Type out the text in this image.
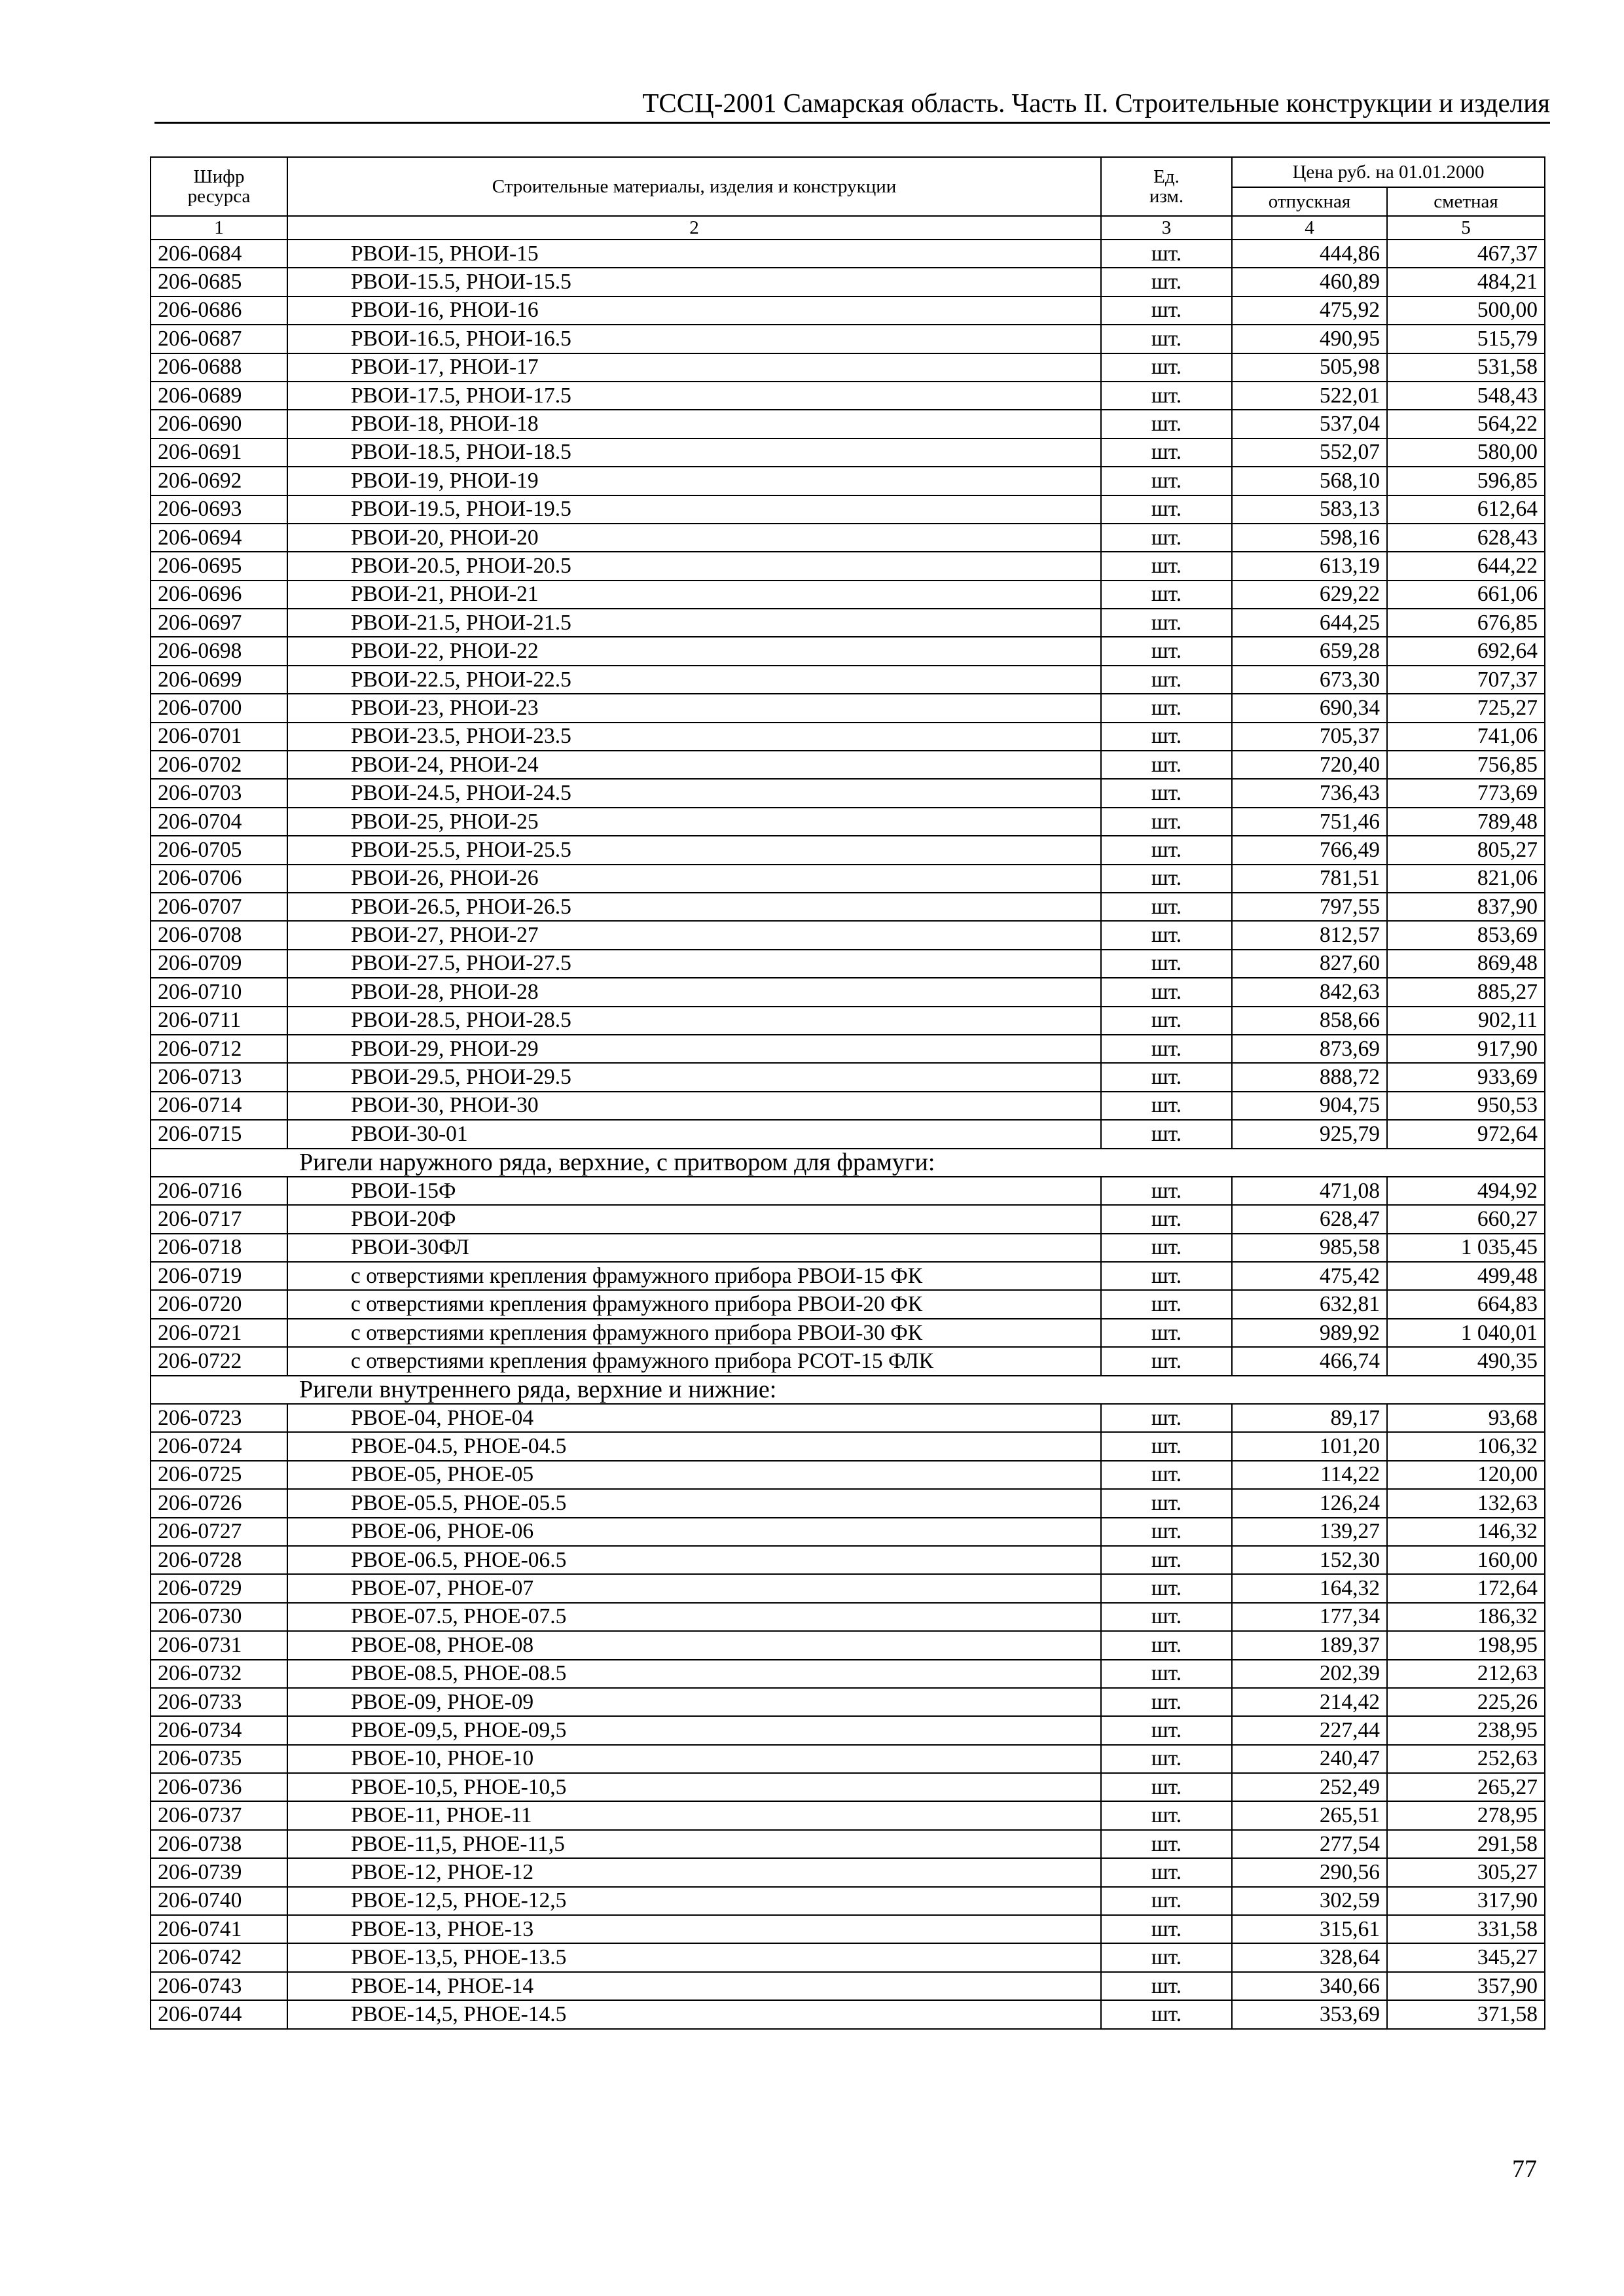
ТССЦ-2001 Самарская область. Часть II. Строительные конструкции и изделия
Шифр ресурса	Строительные материалы, изделия и конструкции	Ед. изм.	Цена руб. на 01.01.2000	
			отпускная	сметная
1	2	3	4	5
206-0684	РВОИ-15, РНОИ-15	шт.	444,86	467,37
206-0685	РВОИ-15.5, РНОИ-15.5	шт.	460,89	484,21
206-0686	РВОИ-16, РНОИ-16	шт.	475,92	500,00
206-0687	РВОИ-16.5, РНОИ-16.5	шт.	490,95	515,79
206-0688	РВОИ-17, РНОИ-17	шт.	505,98	531,58
206-0689	РВОИ-17.5, РНОИ-17.5	шт.	522,01	548,43
206-0690	РВОИ-18, РНОИ-18	шт.	537,04	564,22
206-0691	РВОИ-18.5, РНОИ-18.5	шт.	552,07	580,00
206-0692	РВОИ-19, РНОИ-19	шт.	568,10	596,85
206-0693	РВОИ-19.5, РНОИ-19.5	шт.	583,13	612,64
206-0694	РВОИ-20, РНОИ-20	шт.	598,16	628,43
206-0695	РВОИ-20.5, РНОИ-20.5	шт.	613,19	644,22
206-0696	РВОИ-21, РНОИ-21	шт.	629,22	661,06
206-0697	РВОИ-21.5, РНОИ-21.5	шт.	644,25	676,85
206-0698	РВОИ-22, РНОИ-22	шт.	659,28	692,64
206-0699	РВОИ-22.5, РНОИ-22.5	шт.	673,30	707,37
206-0700	РВОИ-23, РНОИ-23	шт.	690,34	725,27
206-0701	РВОИ-23.5, РНОИ-23.5	шт.	705,37	741,06
206-0702	РВОИ-24, РНОИ-24	шт.	720,40	756,85
206-0703	РВОИ-24.5, РНОИ-24.5	шт.	736,43	773,69
206-0704	РВОИ-25, РНОИ-25	шт.	751,46	789,48
206-0705	РВОИ-25.5, РНОИ-25.5	шт.	766,49	805,27
206-0706	РВОИ-26, РНОИ-26	шт.	781,51	821,06
206-0707	РВОИ-26.5, РНОИ-26.5	шт.	797,55	837,90
206-0708	РВОИ-27, РНОИ-27	шт.	812,57	853,69
206-0709	РВОИ-27.5, РНОИ-27.5	шт.	827,60	869,48
206-0710	РВОИ-28, РНОИ-28	шт.	842,63	885,27
206-0711	РВОИ-28.5, РНОИ-28.5	шт.	858,66	902,11
206-0712	РВОИ-29, РНОИ-29	шт.	873,69	917,90
206-0713	РВОИ-29.5, РНОИ-29.5	шт.	888,72	933,69
206-0714	РВОИ-30, РНОИ-30	шт.	904,75	950,53
206-0715	РВОИ-30-01	шт.	925,79	972,64
Ригели наружного ряда, верхние, с притвором для фрамуги:				
206-0716	РВОИ-15Ф	шт.	471,08	494,92
206-0717	РВОИ-20Ф	шт.	628,47	660,27
206-0718	РВОИ-30ФЛ	шт.	985,58	1 035,45
206-0719	с отверстиями крепления фрамужного прибора РВОИ-15 ФК	шт.	475,42	499,48
206-0720	с отверстиями крепления фрамужного прибора РВОИ-20 ФК	шт.	632,81	664,83
206-0721	с отверстиями крепления фрамужного прибора РВОИ-30 ФК	шт.	989,92	1 040,01
206-0722	с отверстиями крепления фрамужного прибора РСОТ-15 ФЛК	шт.	466,74	490,35
Ригели внутреннего ряда, верхние и нижние:				
206-0723	РВОЕ-04, РНОЕ-04	шт.	89,17	93,68
206-0724	РВОЕ-04.5, РНОЕ-04.5	шт.	101,20	106,32
206-0725	РВОЕ-05, РНОЕ-05	шт.	114,22	120,00
206-0726	РВОЕ-05.5, РНОЕ-05.5	шт.	126,24	132,63
206-0727	РВОЕ-06, РНОЕ-06	шт.	139,27	146,32
206-0728	РВОЕ-06.5, РНОЕ-06.5	шт.	152,30	160,00
206-0729	РВОЕ-07, РНОЕ-07	шт.	164,32	172,64
206-0730	РВОЕ-07.5, РНОЕ-07.5	шт.	177,34	186,32
206-0731	РВОЕ-08, РНОЕ-08	шт.	189,37	198,95
206-0732	РВОЕ-08.5, РНОЕ-08.5	шт.	202,39	212,63
206-0733	РВОЕ-09, РНОЕ-09	шт.	214,42	225,26
206-0734	РВОЕ-09,5, РНОЕ-09,5	шт.	227,44	238,95
206-0735	РВОЕ-10, РНОЕ-10	шт.	240,47	252,63
206-0736	РВОЕ-10,5, РНОЕ-10,5	шт.	252,49	265,27
206-0737	РВОЕ-11, РНОЕ-11	шт.	265,51	278,95
206-0738	РВОЕ-11,5, РНОЕ-11,5	шт.	277,54	291,58
206-0739	РВОЕ-12, РНОЕ-12	шт.	290,56	305,27
206-0740	РВОЕ-12,5, РНОЕ-12,5	шт.	302,59	317,90
206-0741	РВОЕ-13, РНОЕ-13	шт.	315,61	331,58
206-0742	РВОЕ-13,5, РНОЕ-13.5	шт.	328,64	345,27
206-0743	РВОЕ-14, РНОЕ-14	шт.	340,66	357,90
206-0744	РВОЕ-14,5, РНОЕ-14.5	шт.	353,69	371,58
77
